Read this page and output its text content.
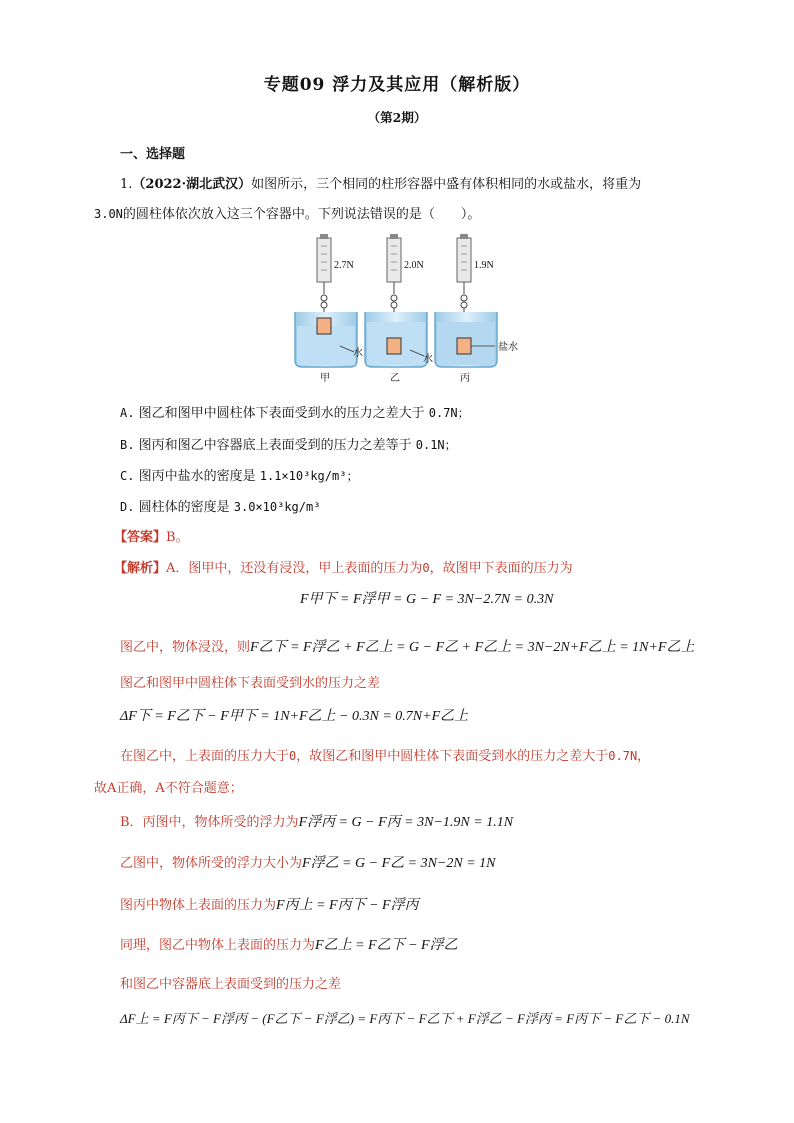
专题09 浮力及其应用（解析版）
（第2期）
一、选择题
1.（2022·湖北武汉）如图所示，三个相同的柱形容器中盛有体积相同的水或盐水，将重为
3.0N的圆柱体依次放入这三个容器中。下列说法错误的是（　　）。
2.7N	2.0N	1.9N
水
水
盐水
甲	乙	丙
A. 图乙和图甲中圆柱体下表面受到水的压力之差大于 0.7N；
B. 图丙和图乙中容器底上表面受到的压力之差等于 0.1N；
C. 图丙中盐水的密度是 1.1×10³kg/m³；
D. 圆柱体的密度是 3.0×10³kg/m³
【答案】B。
【解析】A．图甲中，还没有浸没，甲上表面的压力为0，故图甲下表面的压力为
F甲下 = F浮甲 = G − F = 3N−2.7N = 0.3N
图乙中，物体浸没，则F乙下 = F浮乙 + F乙上 = G − F乙 + F乙上 = 3N−2N+F乙上 = 1N+F乙上
图乙和图甲中圆柱体下表面受到水的压力之差
ΔF下 = F乙下 − F甲下 = 1N+F乙上 − 0.3N = 0.7N+F乙上
在图乙中，上表面的压力大于0，故图乙和图甲中圆柱体下表面受到水的压力之差大于0.7N，
故A正确，A不符合题意；
B．丙图中，物体所受的浮力为F浮丙 = G − F丙 = 3N−1.9N = 1.1N
乙图中，物体所受的浮力大小为F浮乙 = G − F乙 = 3N−2N = 1N
图丙中物体上表面的压力为F丙上 = F丙下 − F浮丙
同理，图乙中物体上表面的压力为F乙上 = F乙下 − F浮乙
和图乙中容器底上表面受到的压力之差
ΔF上 = F丙下 − F浮丙 − (F乙下 − F浮乙) = F丙下 − F乙下 + F浮乙 − F浮丙 = F丙下 − F乙下 − 0.1N
